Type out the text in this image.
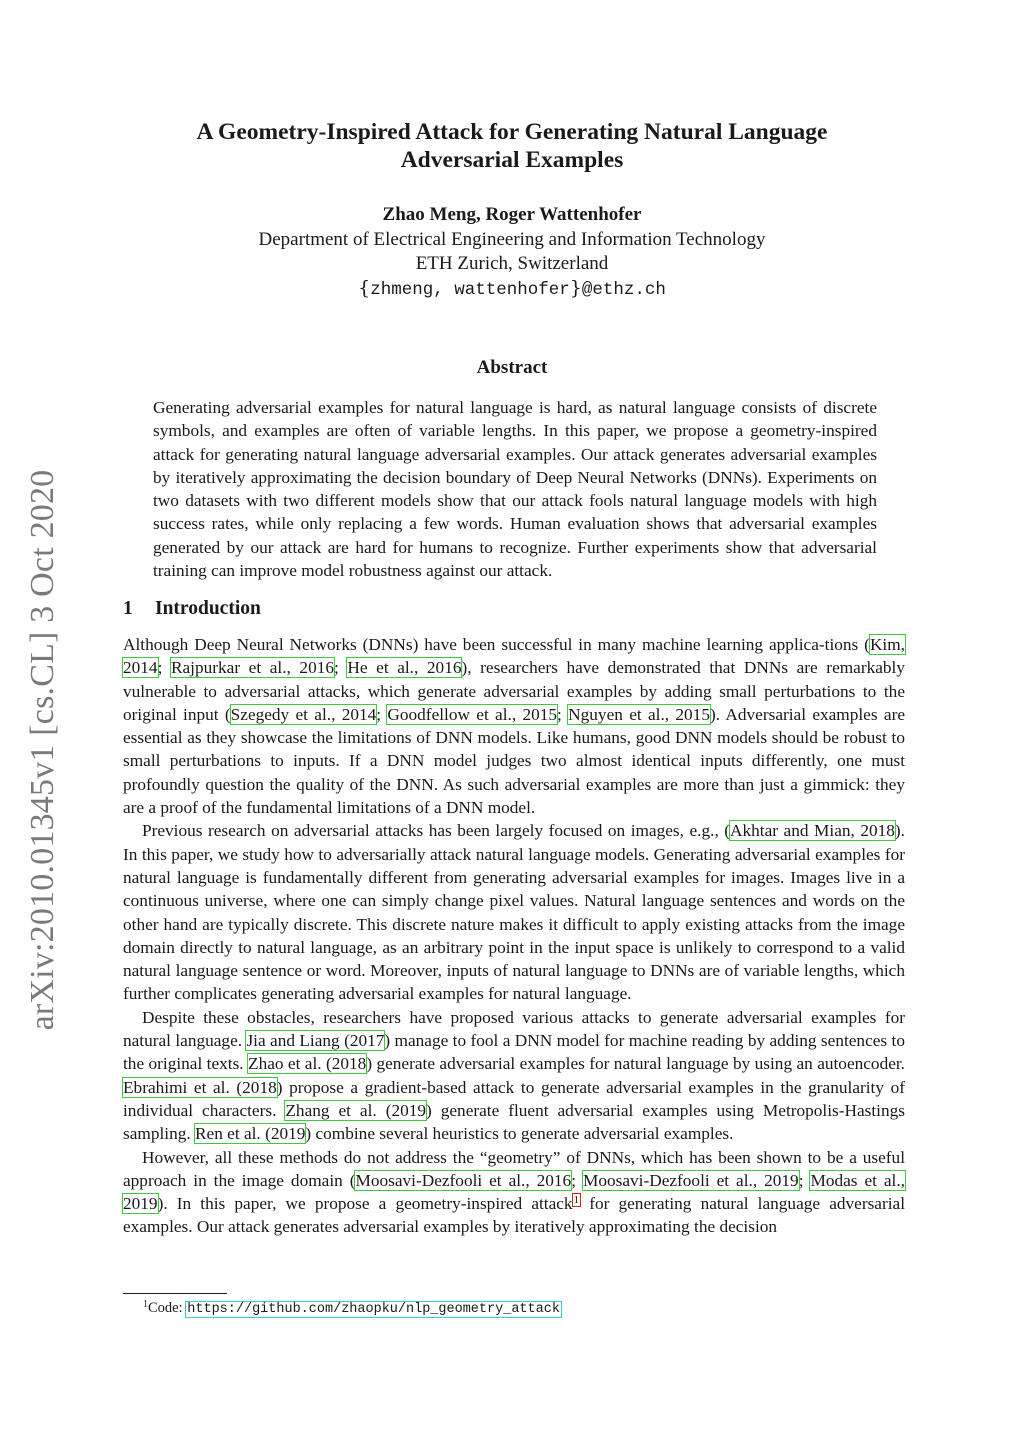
arXiv:2010.01345v1 [cs.CL] 3 Oct 2020
A Geometry-Inspired Attack for Generating Natural Language
Adversarial Examples
Zhao Meng, Roger Wattenhofer
Department of Electrical Engineering and Information Technology
ETH Zurich, Switzerland
{zhmeng, wattenhofer}@ethz.ch
Abstract
Generating adversarial examples for natural language is hard, as natural language consists of discrete symbols, and examples are often of variable lengths. In this paper, we propose a geometry-inspired attack for generating natural language adversarial examples. Our attack generates adversarial examples by iteratively approximating the decision boundary of Deep Neural Networks (DNNs). Experiments on two datasets with two different models show that our attack fools natural language models with high success rates, while only replacing a few words. Human evaluation shows that adversarial examples generated by our attack are hard for humans to recognize. Further experiments show that adversarial training can improve model robustness against our attack.
1 Introduction

Although Deep Neural Networks (DNNs) have been successful in many machine learning applica-tions (Kim, 2014; Rajpurkar et al., 2016; He et al., 2016), researchers have demonstrated that DNNs are remarkably vulnerable to adversarial attacks, which generate adversarial examples by adding small perturbations to the original input (Szegedy et al., 2014; Goodfellow et al., 2015; Nguyen et al., 2015). Adversarial examples are essential as they showcase the limitations of DNN models. Like humans, good DNN models should be robust to small perturbations to inputs. If a DNN model judges two almost identical inputs differently, one must profoundly question the quality of the DNN. As such adversarial examples are more than just a gimmick: they are a proof of the fundamental limitations of a DNN model.

Previous research on adversarial attacks has been largely focused on images, e.g., (Akhtar and Mian, 2018). In this paper, we study how to adversarially attack natural language models. Generating adversarial examples for natural language is fundamentally different from generating adversarial examples for images. Images live in a continuous universe, where one can simply change pixel values. Natural language sentences and words on the other hand are typically discrete. This discrete nature makes it difficult to apply existing attacks from the image domain directly to natural language, as an arbitrary point in the input space is unlikely to correspond to a valid natural language sentence or word. Moreover, inputs of natural language to DNNs are of variable lengths, which further complicates generating adversarial examples for natural language.

Despite these obstacles, researchers have proposed various attacks to generate adversarial examples for natural language. Jia and Liang (2017) manage to fool a DNN model for machine reading by adding sentences to the original texts. Zhao et al. (2018) generate adversarial examples for natural language by using an autoencoder. Ebrahimi et al. (2018) propose a gradient-based attack to generate adversarial examples in the granularity of individual characters. Zhang et al. (2019) generate fluent adversarial examples using Metropolis-Hastings sampling. Ren et al. (2019) combine several heuristics to generate adversarial examples.

However, all these methods do not address the “geometry” of DNNs, which has been shown to be a useful approach in the image domain (Moosavi-Dezfooli et al., 2016; Moosavi-Dezfooli et al., 2019; Modas et al., 2019). In this paper, we propose a geometry-inspired attack$^1$ for generating natural language adversarial examples. Our attack generates adversarial examples by iteratively approximating the decision

$^1$Code: https://github.com/zhaopku/nlp_geometry_attack
